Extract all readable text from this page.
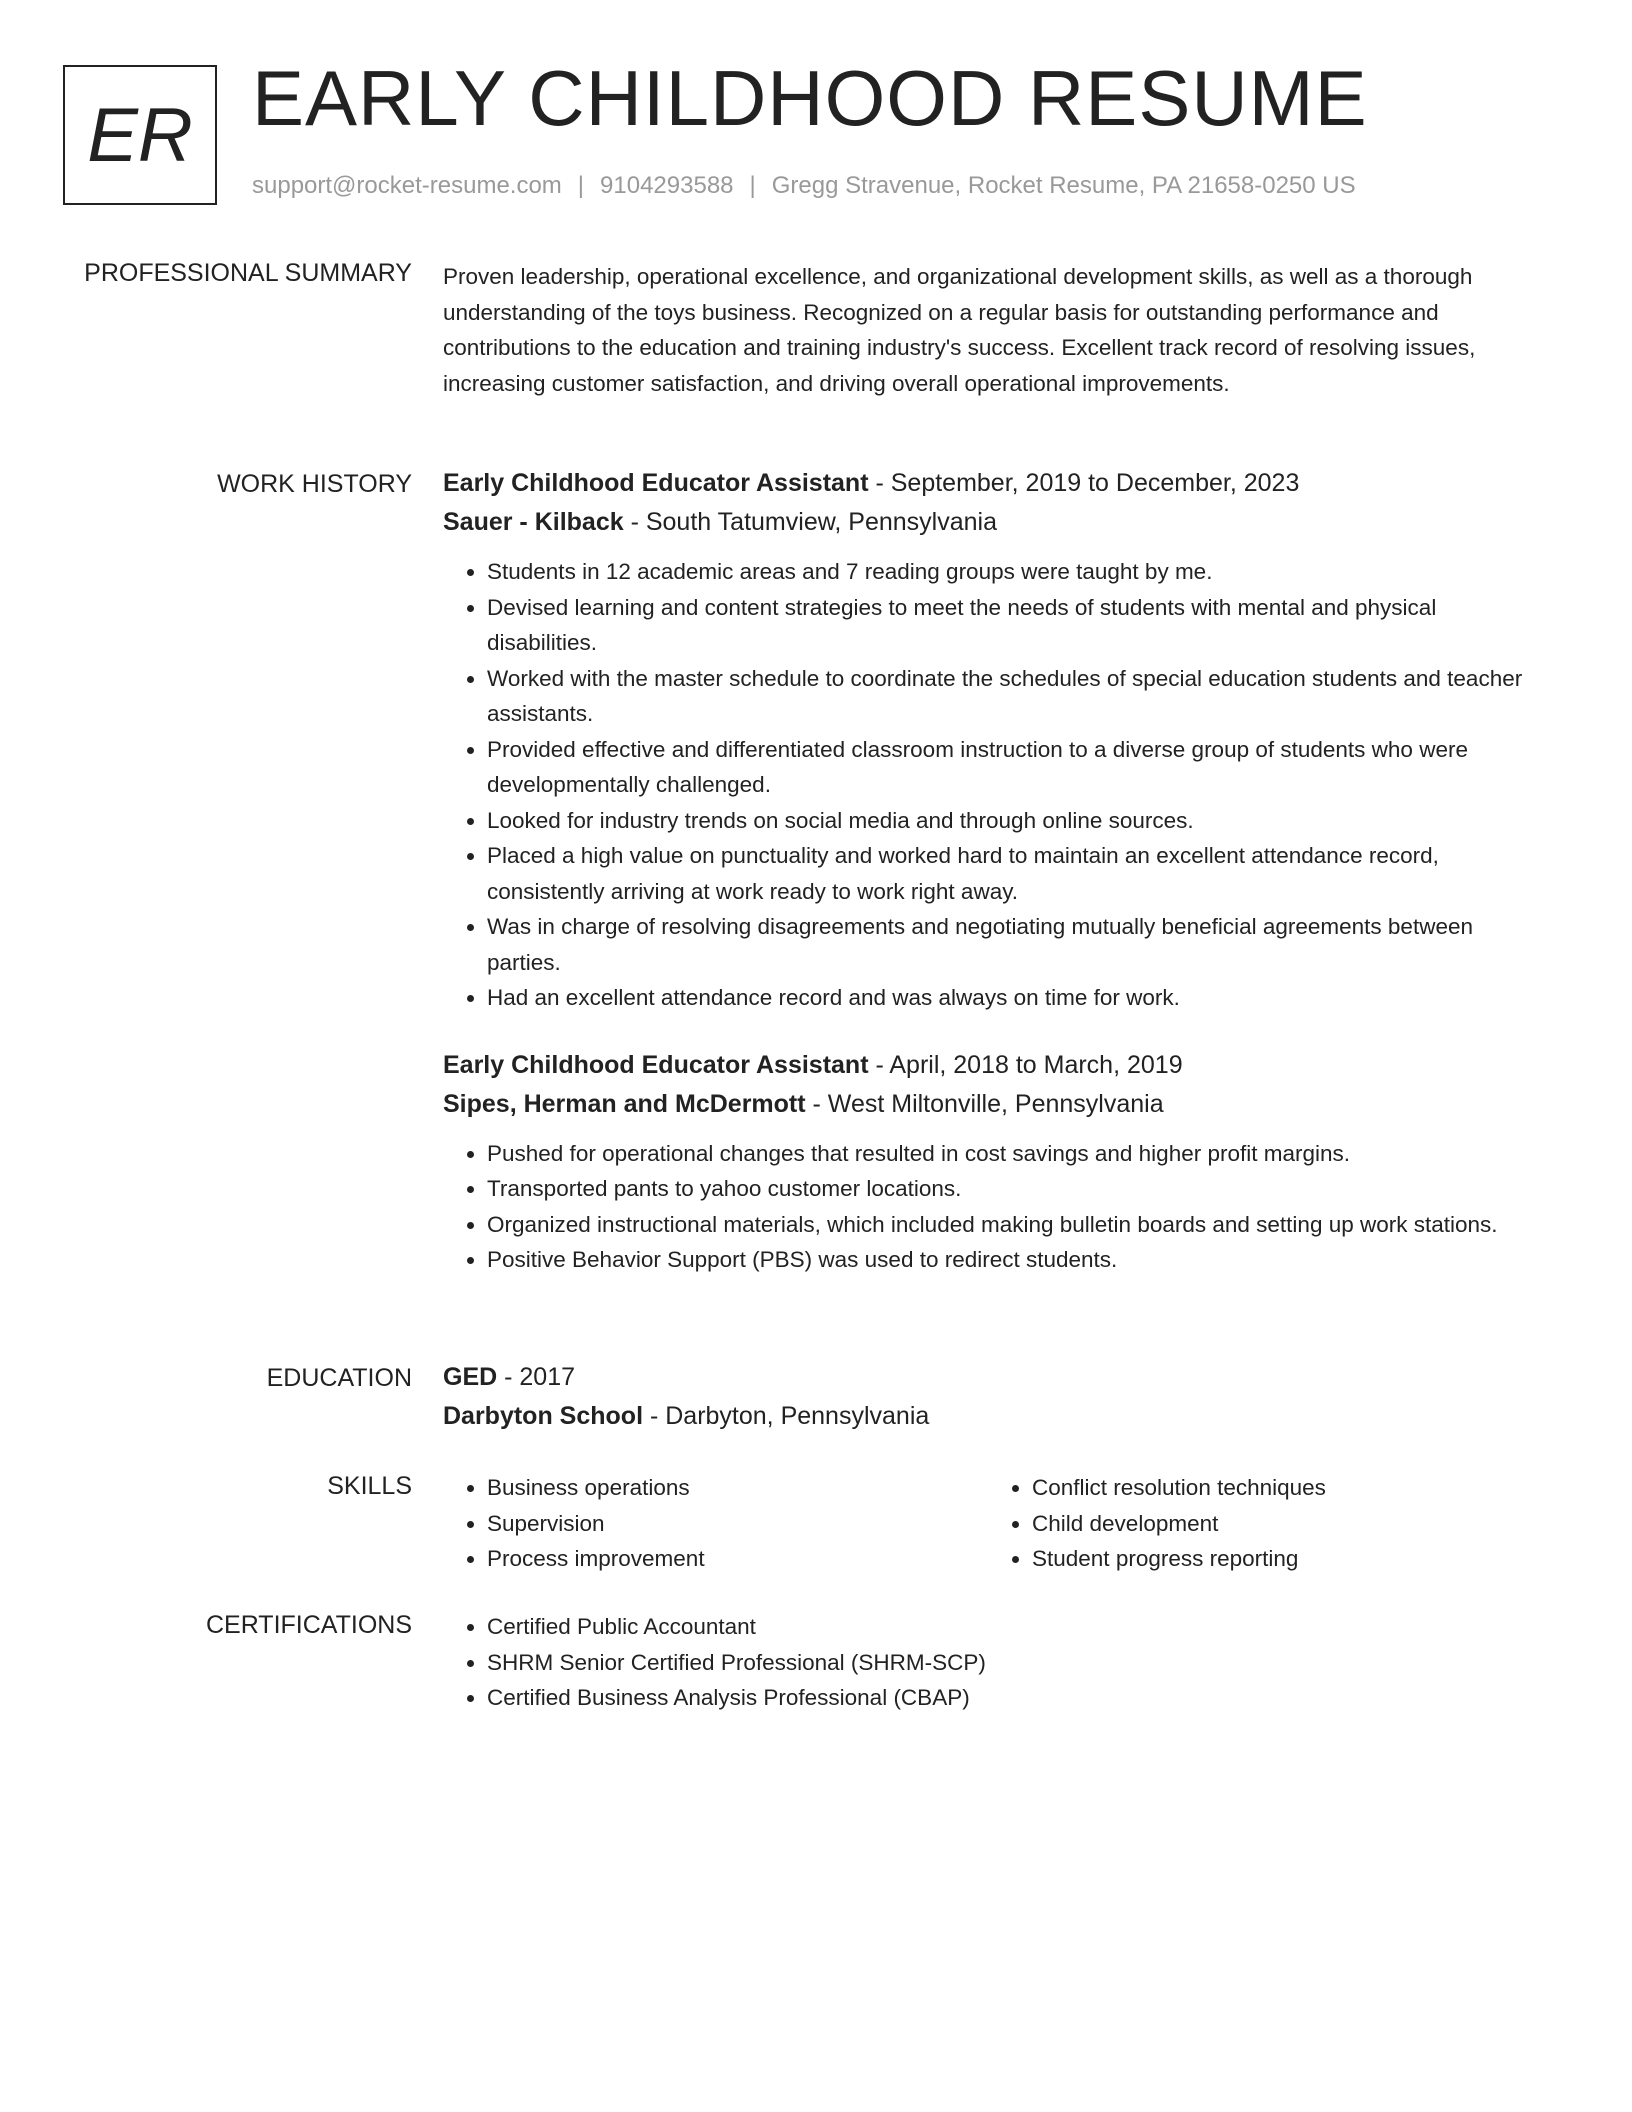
ER EARLY CHILDHOOD RESUME
support@rocket-resume.com | 9104293588 | Gregg Stravenue, Rocket Resume, PA 21658-0250 US
PROFESSIONAL SUMMARY Proven leadership, operational excellence, and organizational development skills, as well as a thorough understanding of the toys business. Recognized on a regular basis for outstanding performance and contributions to the education and training industry's success. Excellent track record of resolving issues, increasing customer satisfaction, and driving overall operational improvements.

WORK HISTORY Early Childhood Educator Assistant - September, 2019 to December, 2023
Sauer - Kilback - South Tatumview, Pennsylvania
• Students in 12 academic areas and 7 reading groups were taught by me.
• Devised learning and content strategies to meet the needs of students with mental and physical disabilities.
• Worked with the master schedule to coordinate the schedules of special education students and teacher assistants.
• Provided effective and differentiated classroom instruction to a diverse group of students who were developmentally challenged.
• Looked for industry trends on social media and through online sources.
• Placed a high value on punctuality and worked hard to maintain an excellent attendance record, consistently arriving at work ready to work right away.
• Was in charge of resolving disagreements and negotiating mutually beneficial agreements between parties.
• Had an excellent attendance record and was always on time for work.
Early Childhood Educator Assistant - April, 2018 to March, 2019
Sipes, Herman and McDermott - West Miltonville, Pennsylvania
• Pushed for operational changes that resulted in cost savings and higher profit margins.
• Transported pants to yahoo customer locations.
• Organized instructional materials, which included making bulletin boards and setting up work stations.
• Positive Behavior Support (PBS) was used to redirect students.
EDUCATION GED - 2017
Darbyton School - Darbyton, Pennsylvania
SKILLS	• Business operations
• Supervision
• Process improvement
• Conflict resolution techniques
• Child development
• Student progress reporting
CERTIFICATIONS	• Certified Public Accountant
• SHRM Senior Certified Professional (SHRM-SCP)
• Certified Business Analysis Professional (CBAP)
